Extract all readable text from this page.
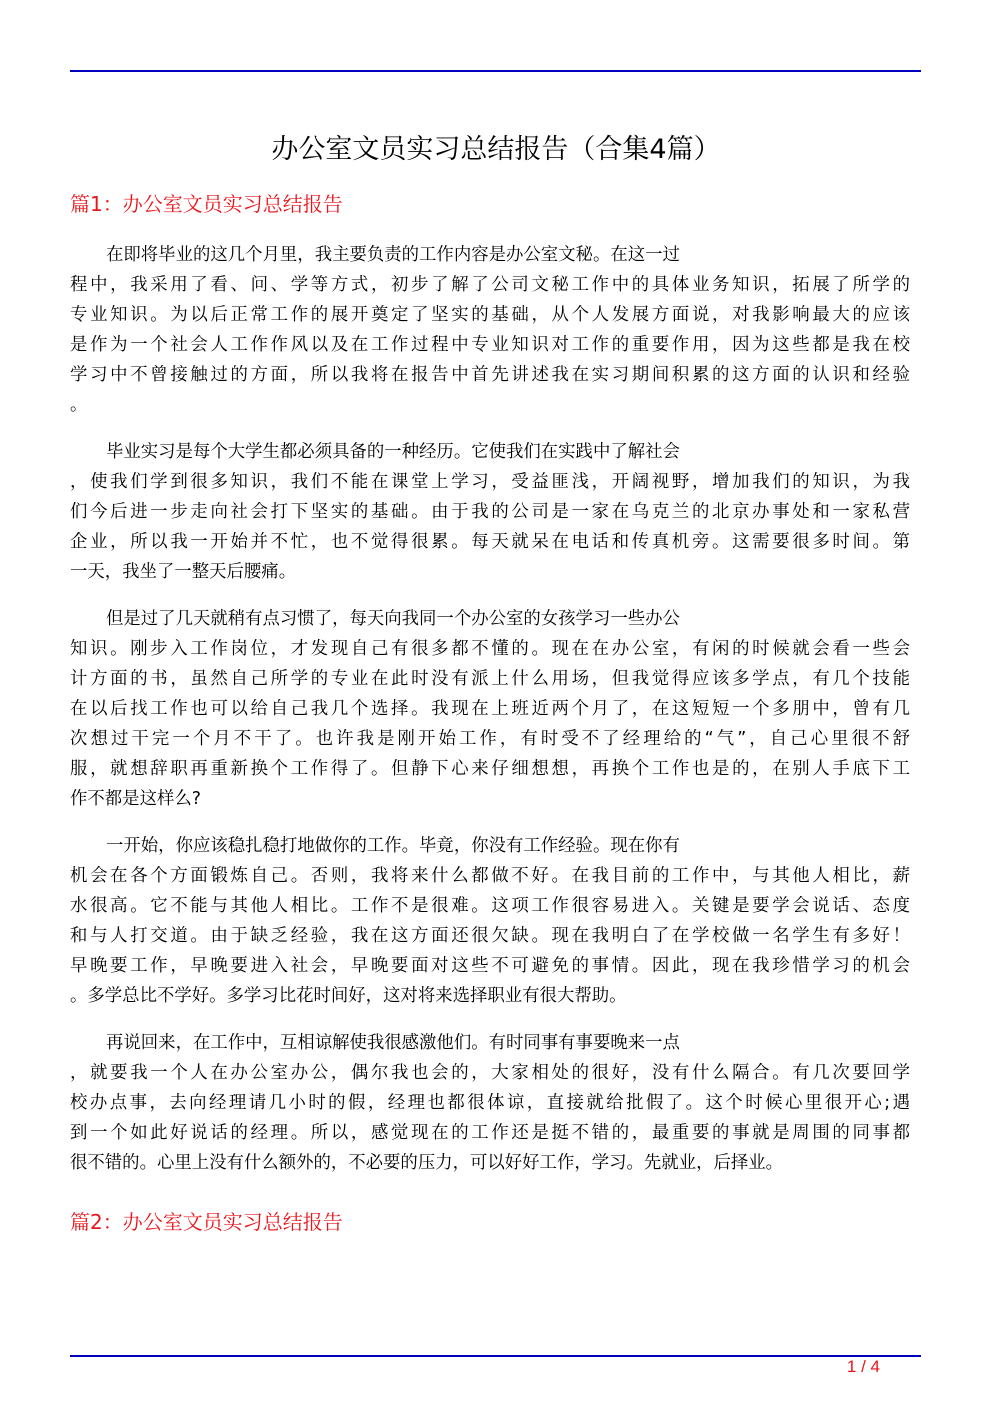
办公室文员实习总结报告（合集4篇）
篇1：办公室文员实习总结报告
在即将毕业的这几个月里，我主要负责的工作内容是办公室文秘。在这一过
程中，我采用了看、问、学等方式，初步了解了公司文秘工作中的具体业务知识，拓展了所学的
专业知识。为以后正常工作的展开奠定了坚实的基础，从个人发展方面说，对我影响最大的应该
是作为一个社会人工作作风以及在工作过程中专业知识对工作的重要作用，因为这些都是我在校
学习中不曾接触过的方面，所以我将在报告中首先讲述我在实习期间积累的这方面的认识和经验
。
毕业实习是每个大学生都必须具备的一种经历。它使我们在实践中了解社会
，使我们学到很多知识，我们不能在课堂上学习，受益匪浅，开阔视野，增加我们的知识，为我
们今后进一步走向社会打下坚实的基础。由于我的公司是一家在乌克兰的北京办事处和一家私营
企业，所以我一开始并不忙，也不觉得很累。每天就呆在电话和传真机旁。这需要很多时间。第
一天，我坐了一整天后腰痛。
但是过了几天就稍有点习惯了，每天向我同一个办公室的女孩学习一些办公
知识。刚步入工作岗位，才发现自己有很多都不懂的。现在在办公室，有闲的时候就会看一些会
计方面的书，虽然自己所学的专业在此时没有派上什么用场，但我觉得应该多学点，有几个技能
在以后找工作也可以给自己我几个选择。我现在上班近两个月了，在这短短一个多朋中，曾有几
次想过干完一个月不干了。也许我是刚开始工作，有时受不了经理给的“气”，自己心里很不舒
服，就想辞职再重新换个工作得了。但静下心来仔细想想，再换个工作也是的，在别人手底下工
作不都是这样么?
一开始，你应该稳扎稳打地做你的工作。毕竟，你没有工作经验。现在你有
机会在各个方面锻炼自己。否则，我将来什么都做不好。在我目前的工作中，与其他人相比，薪
水很高。它不能与其他人相比。工作不是很难。这项工作很容易进入。关键是要学会说话、态度
和与人打交道。由于缺乏经验，我在这方面还很欠缺。现在我明白了在学校做一名学生有多好！
早晚要工作，早晚要进入社会，早晚要面对这些不可避免的事情。因此，现在我珍惜学习的机会
。多学总比不学好。多学习比花时间好，这对将来选择职业有很大帮助。
再说回来，在工作中，互相谅解使我很感激他们。有时同事有事要晚来一点
，就要我一个人在办公室办公，偶尔我也会的，大家相处的很好，没有什么隔合。有几次要回学
校办点事，去向经理请几小时的假，经理也都很体谅，直接就给批假了。这个时候心里很开心;遇
到一个如此好说话的经理。所以，感觉现在的工作还是挺不错的，最重要的事就是周围的同事都
很不错的。心里上没有什么额外的，不必要的压力，可以好好工作，学习。先就业，后择业。
篇2：办公室文员实习总结报告
1 / 4
